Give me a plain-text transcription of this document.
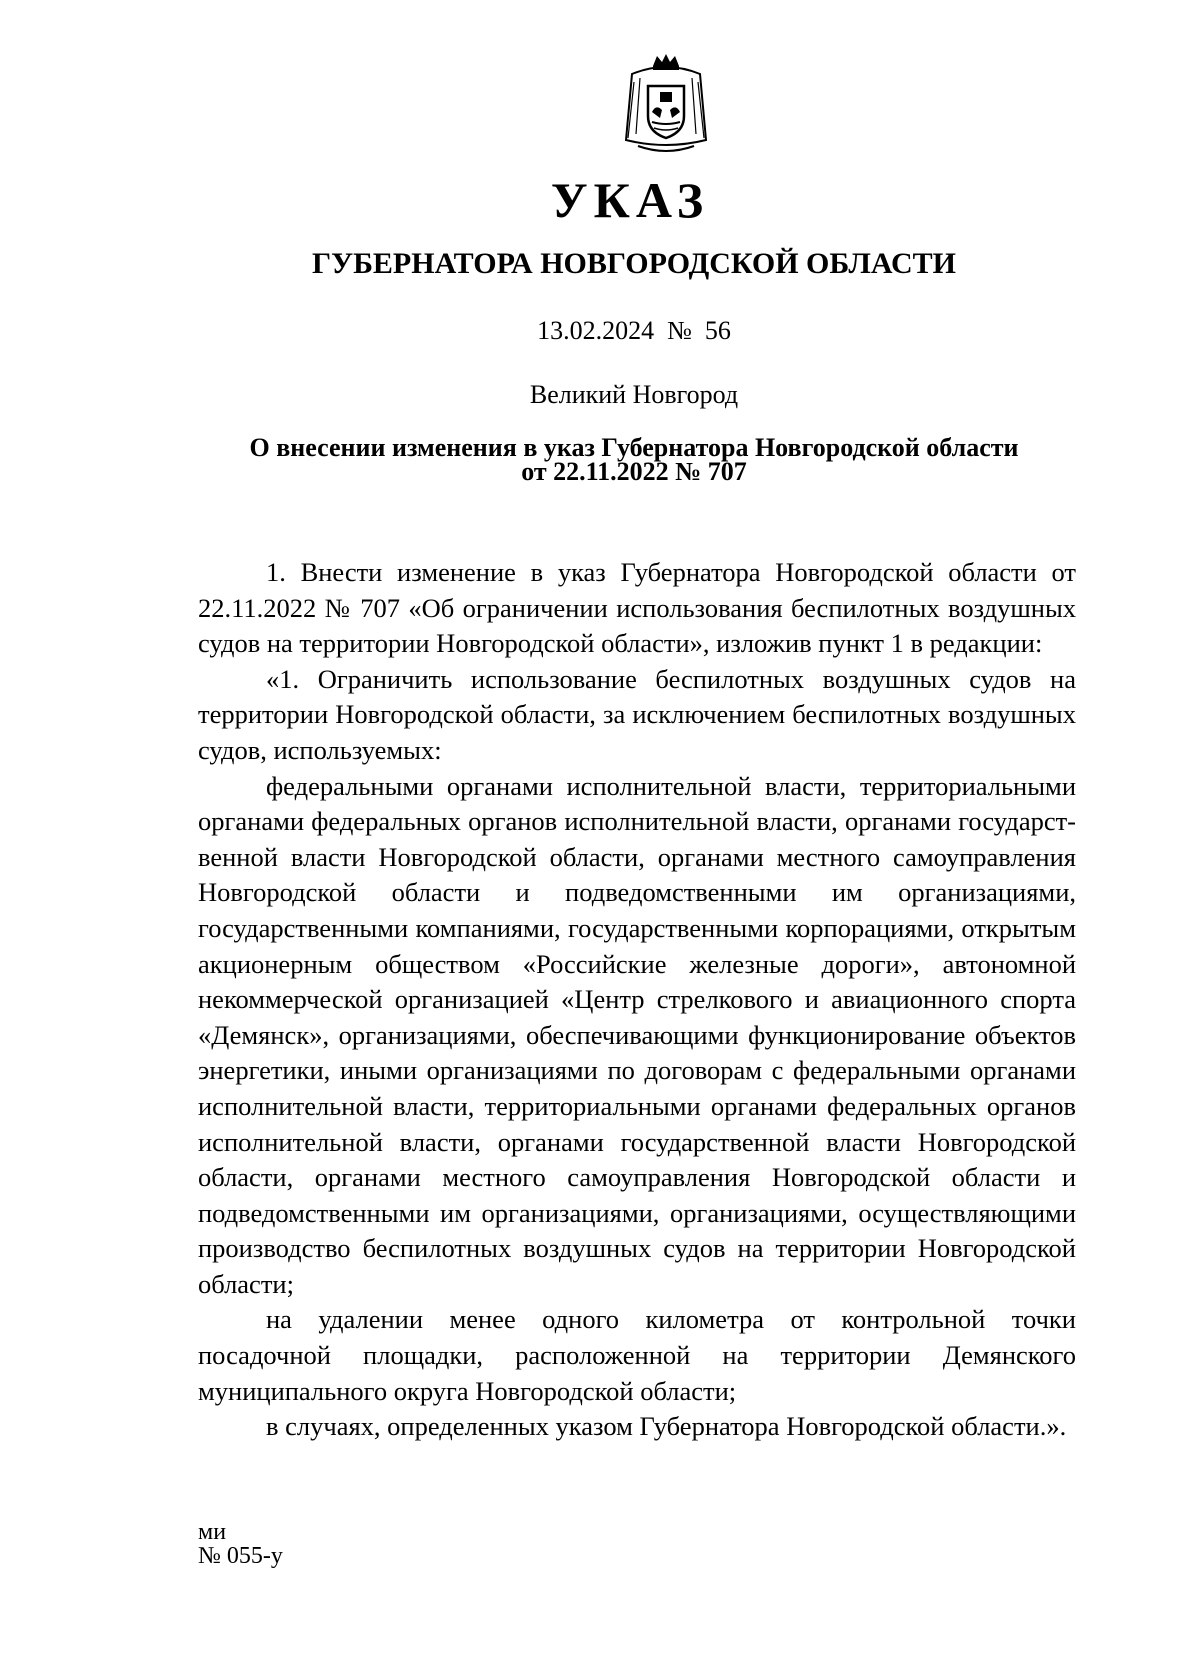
УКАЗ
ГУБЕРНАТОРА НОВГОРОДСКОЙ ОБЛАСТИ
13.02.2024  №  56
Великий Новгород
О внесении изменения в указ Губернатора Новгородской области
от 22.11.2022 № 707

1. Внести изменение в указ Губернатора Новгородской области от 22.11.2022 № 707 «Об ограничении использования беспилотных воздушных судов на территории Новгородской области», изложив пункт 1 в редакции:

«1. Ограничить использование беспилотных воздушных судов на территории Новгородской области, за исключением беспилотных воздушных судов, используемых:

федеральными органами исполнительной власти, территориальными органами федеральных органов исполнительной власти, органами государст-венной власти Новгородской области, органами местного самоуправления Новгородской области и подведомственными им организациями, государственными компаниями, государственными корпорациями, открытым акционерным обществом «Российские железные дороги», автономной некоммерческой организацией «Центр стрелкового и авиационного спорта «Демянск», организациями, обеспечивающими функционирование объектов энергетики, иными организациями по договорам с федеральными органами исполнительной власти, территориальными органами федеральных органов исполнительной власти, органами государственной власти Новгородской области, органами местного самоуправления Новгородской области и подведомственными им организациями, организациями, осуществляющими производство беспилотных воздушных судов на территории Новгородской области;

на удалении менее одного километра от контрольной точки посадочной площадки, расположенной на территории Демянского муниципального округа Новгородской области;

в случаях, определенных указом Губернатора Новгородской области.».

ми
№ 055-у
